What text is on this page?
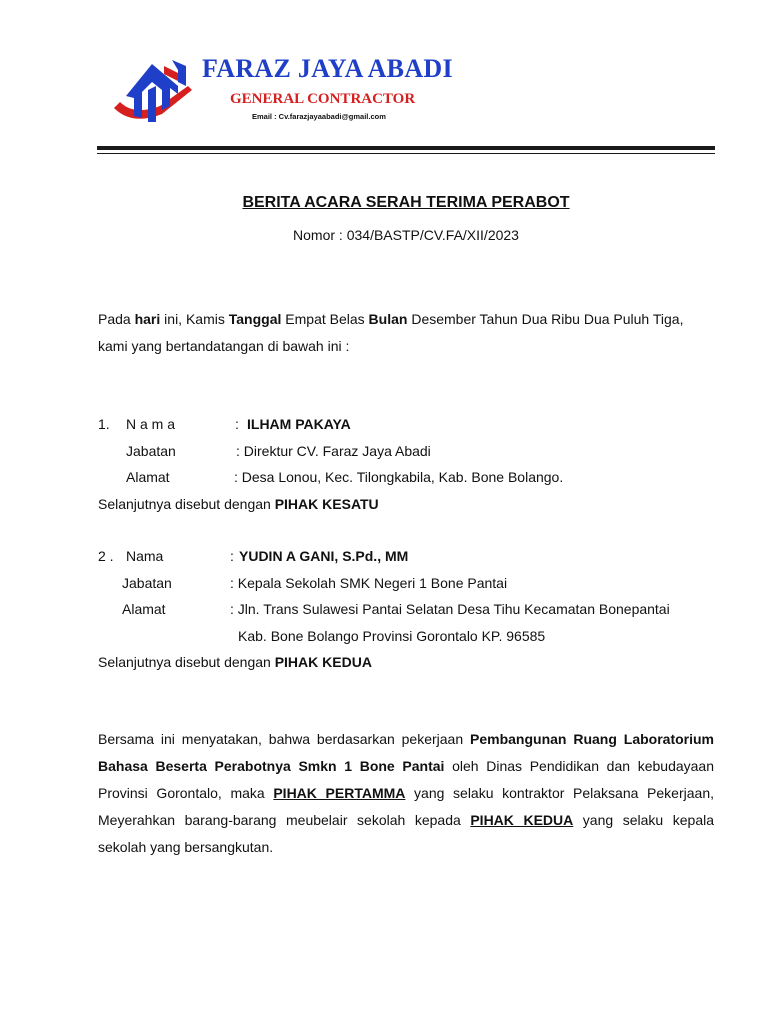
FARAZ JAYA ABADI
GENERAL CONTRACTOR
Email : Cv.farazjayaabadi@gmail.com
BERITA ACARA SERAH TERIMA PERABOT
Nomor : 034/BASTP/CV.FA/XII/2023
Pada hari ini, Kamis Tanggal Empat Belas Bulan Desember Tahun Dua Ribu Dua Puluh Tiga, kami yang bertandatangan di bawah ini :
1. N a m a	: ILHAM PAKAYA
Jabatan	: Direktur CV. Faraz Jaya Abadi
Alamat	: Desa Lonou, Kec. Tilongkabila, Kab. Bone Bolango.
Selanjutnya disebut dengan PIHAK KESATU
2 . Nama	: YUDIN A GANI, S.Pd., MM
Jabatan	: Kepala Sekolah SMK Negeri 1 Bone Pantai
Alamat	: Jln. Trans Sulawesi Pantai Selatan Desa Tihu Kecamatan Bonepantai
Kab. Bone Bolango Provinsi Gorontalo KP. 96585
Selanjutnya disebut dengan PIHAK KEDUA
Bersama ini menyatakan, bahwa berdasarkan pekerjaan Pembangunan Ruang Laboratorium Bahasa Beserta Perabotnya Smkn 1 Bone Pantai oleh Dinas Pendidikan dan kebudayaan Provinsi Gorontalo, maka PIHAK PERTAMMA yang selaku kontraktor Pelaksana Pekerjaan, Meyerahkan barang-barang meubelair sekolah kepada PIHAK KEDUA yang selaku kepala sekolah yang bersangkutan.
